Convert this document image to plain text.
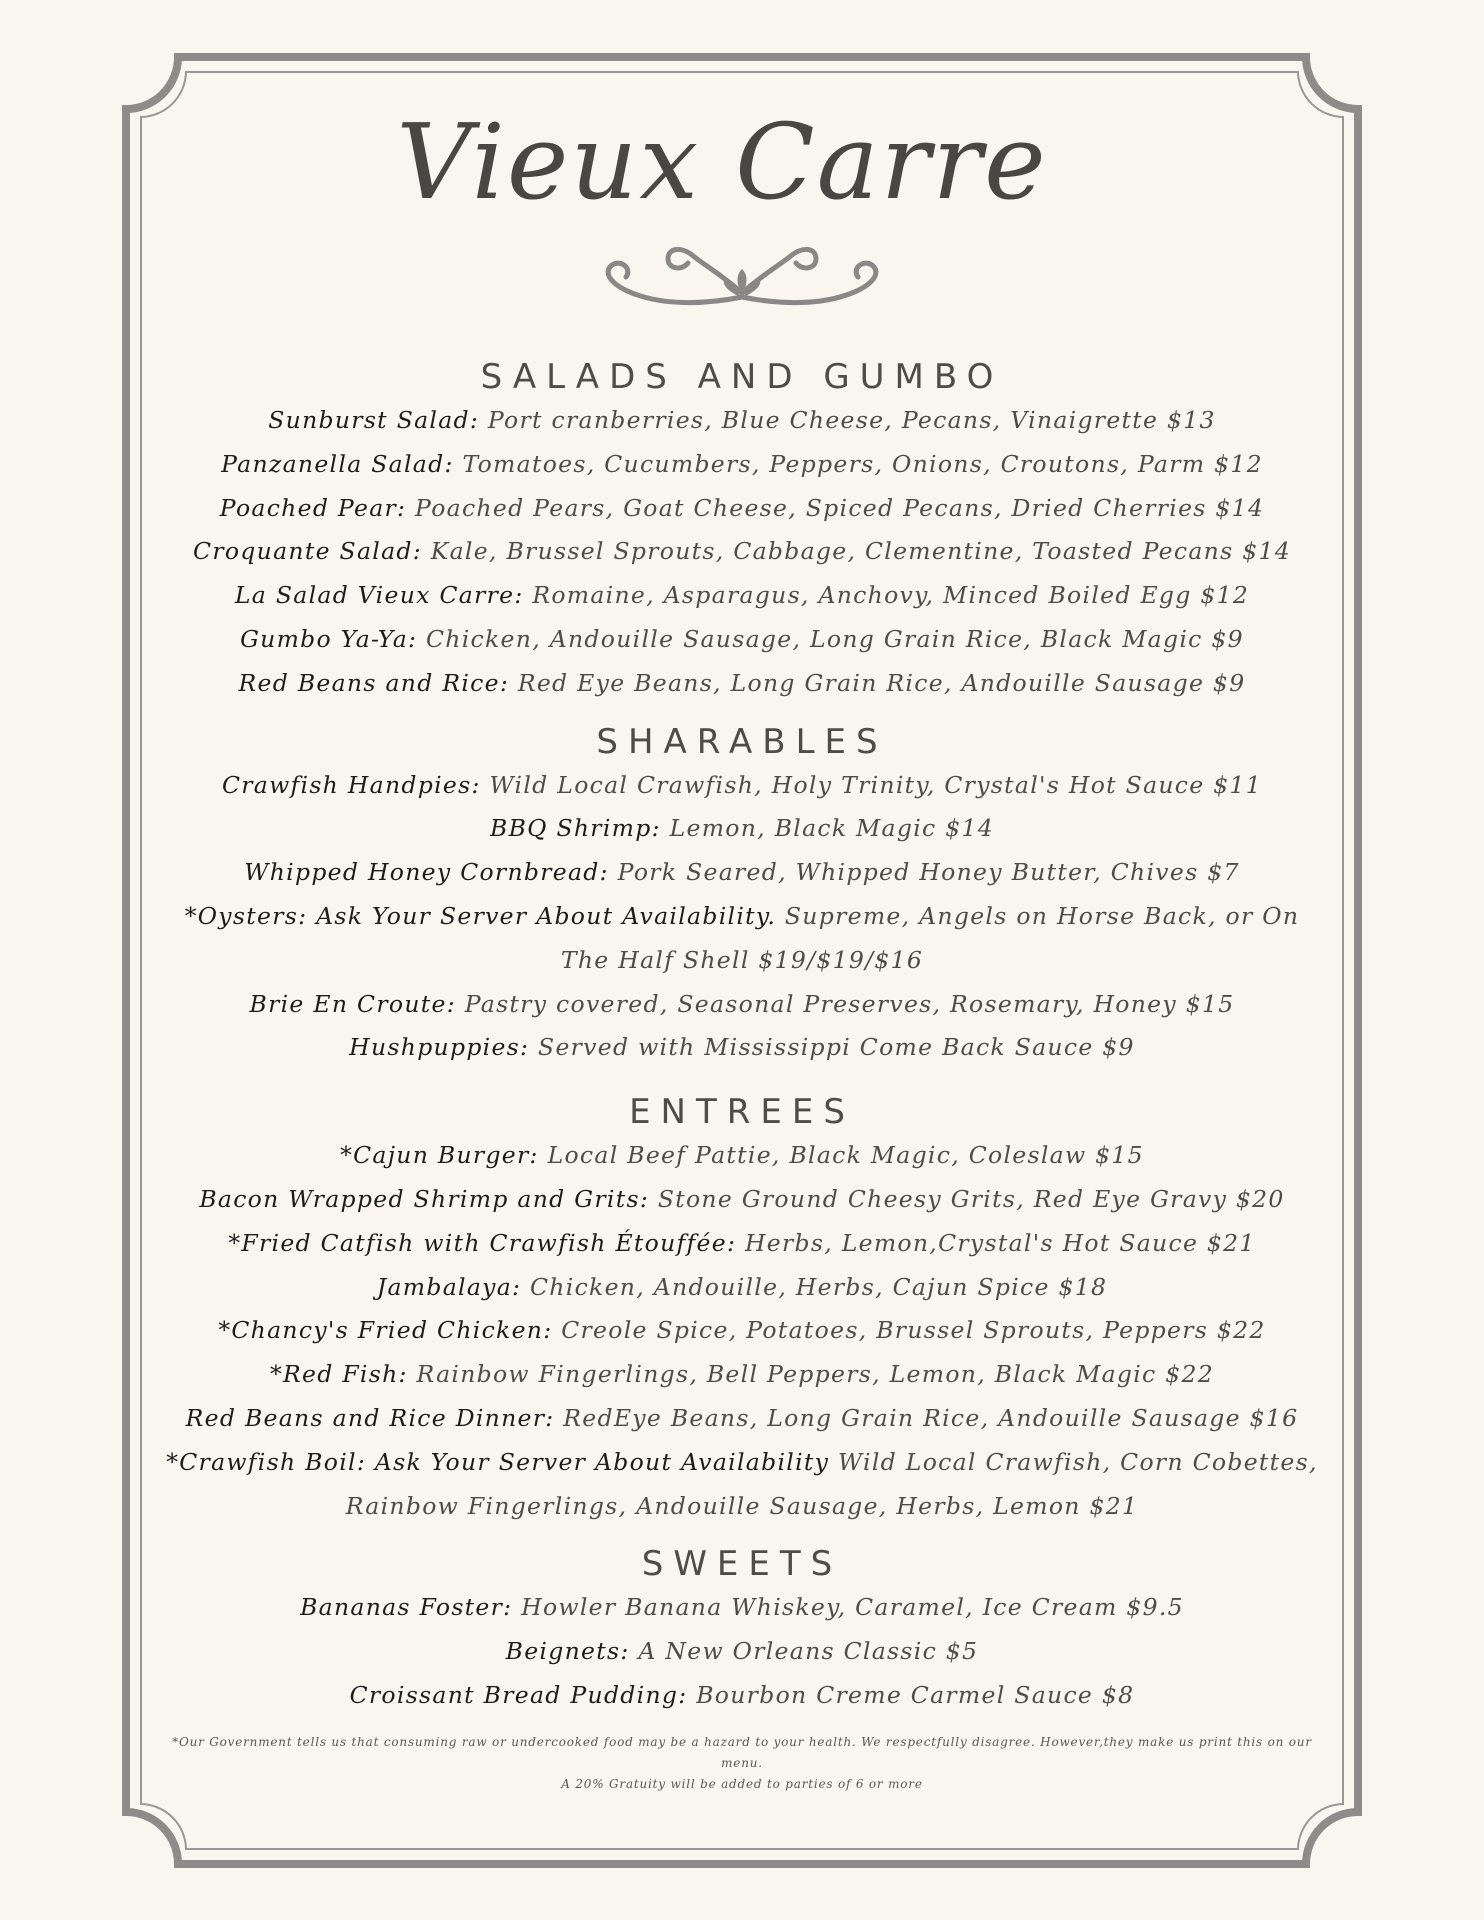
Vieux Carre
SALADS AND GUMBO

Sunburst Salad: Port cranberries, Blue Cheese, Pecans, Vinaigrette $13

Panzanella Salad: Tomatoes, Cucumbers, Peppers, Onions, Croutons, Parm $12

Poached Pear: Poached Pears, Goat Cheese, Spiced Pecans, Dried Cherries $14

Croquante Salad: Kale, Brussel Sprouts, Cabbage, Clementine, Toasted Pecans $14

La Salad Vieux Carre: Romaine, Asparagus, Anchovy, Minced Boiled Egg $12

Gumbo Ya-Ya: Chicken, Andouille Sausage, Long Grain Rice, Black Magic $9

Red Beans and Rice: Red Eye Beans, Long Grain Rice, Andouille Sausage $9

SHARABLES

Crawfish Handpies: Wild Local Crawfish, Holy Trinity, Crystal's Hot Sauce $11

BBQ Shrimp: Lemon, Black Magic $14

Whipped Honey Cornbread: Pork Seared, Whipped Honey Butter, Chives $7

*Oysters: Ask Your Server About Availability. Supreme, Angels on Horse Back, or On The Half Shell $19/$19/$16

Brie En Croute: Pastry covered, Seasonal Preserves, Rosemary, Honey $15

Hushpuppies: Served with Mississippi Come Back Sauce $9

ENTREES

*Cajun Burger: Local Beef Pattie, Black Magic, Coleslaw $15

Bacon Wrapped Shrimp and Grits: Stone Ground Cheesy Grits, Red Eye Gravy $20

*Fried Catfish with Crawfish Étouffée: Herbs, Lemon,Crystal's Hot Sauce $21

Jambalaya: Chicken, Andouille, Herbs, Cajun Spice $18

*Chancy's Fried Chicken: Creole Spice, Potatoes, Brussel Sprouts, Peppers $22

*Red Fish: Rainbow Fingerlings, Bell Peppers, Lemon, Black Magic $22

Red Beans and Rice Dinner: RedEye Beans, Long Grain Rice, Andouille Sausage $16

*Crawfish Boil: Ask Your Server About Availability Wild Local Crawfish, Corn Cobettes, Rainbow Fingerlings, Andouille Sausage, Herbs, Lemon $21

SWEETS

Bananas Foster: Howler Banana Whiskey, Caramel, Ice Cream $9.5

Beignets: A New Orleans Classic $5

Croissant Bread Pudding: Bourbon Creme Carmel Sauce $8

*Our Government tells us that consuming raw or undercooked food may be a hazard to your health. We respectfully disagree. However,they make us print this on our menu.

A 20% Gratuity will be added to parties of 6 or more
